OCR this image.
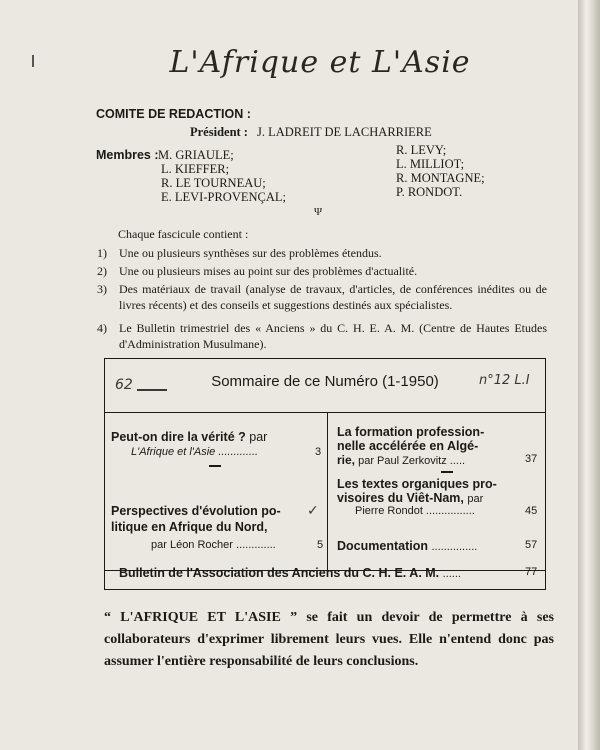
L'Afrique et L'Asie
COMITE DE REDACTION :
Président : J. LADREIT DE LACHARRIERE
Membres : M. GRIAULE;
L. KIEFFER;
R. LE TOURNEAU;
E. LEVI-PROVENÇAL;
R. LEVY;
L. MILLIOT;
R. MONTAGNE;
P. RONDOT.
Ψ
Chaque fascicule contient :
1)	Une ou plusieurs synthèses sur des problèmes étendus.
2)	Une ou plusieurs mises au point sur des problèmes d'actualité.
3)	Des matériaux de travail (analyse de travaux, d'articles, de conférences inédites ou de livres récents) et des conseils et suggestions destinés aux spécialistes.
4)	Le Bulletin trimestriel des « Anciens » du C. H. E. A. M. (Centre de Hautes Etudes d'Administration Musulmane).
62	Sommaire de ce Numéro (1-1950)	n°12 L.I
Peut-on dire la vérité ? par
L'Afrique et l'Asie .............	3
Perspectives d'évolution po-
litique en Afrique du Nord,
✓
par Léon Rocher .............	5
La formation profession-
nelle accélérée en Algé-
rie, par Paul Zerkovitz .....	37
Les textes organiques pro-
visoires du Viêt-Nam, par
Pierre Rondot ................	45
Documentation ...............	57
Bulletin de l'Association des Anciens du C. H. E. A. M. ......	77
“ L'AFRIQUE ET L'ASIE ” se fait un devoir de permettre à ses collaborateurs d'exprimer librement leurs vues. Elle n'entend donc pas assumer l'entière responsabilité de leurs conclusions.
